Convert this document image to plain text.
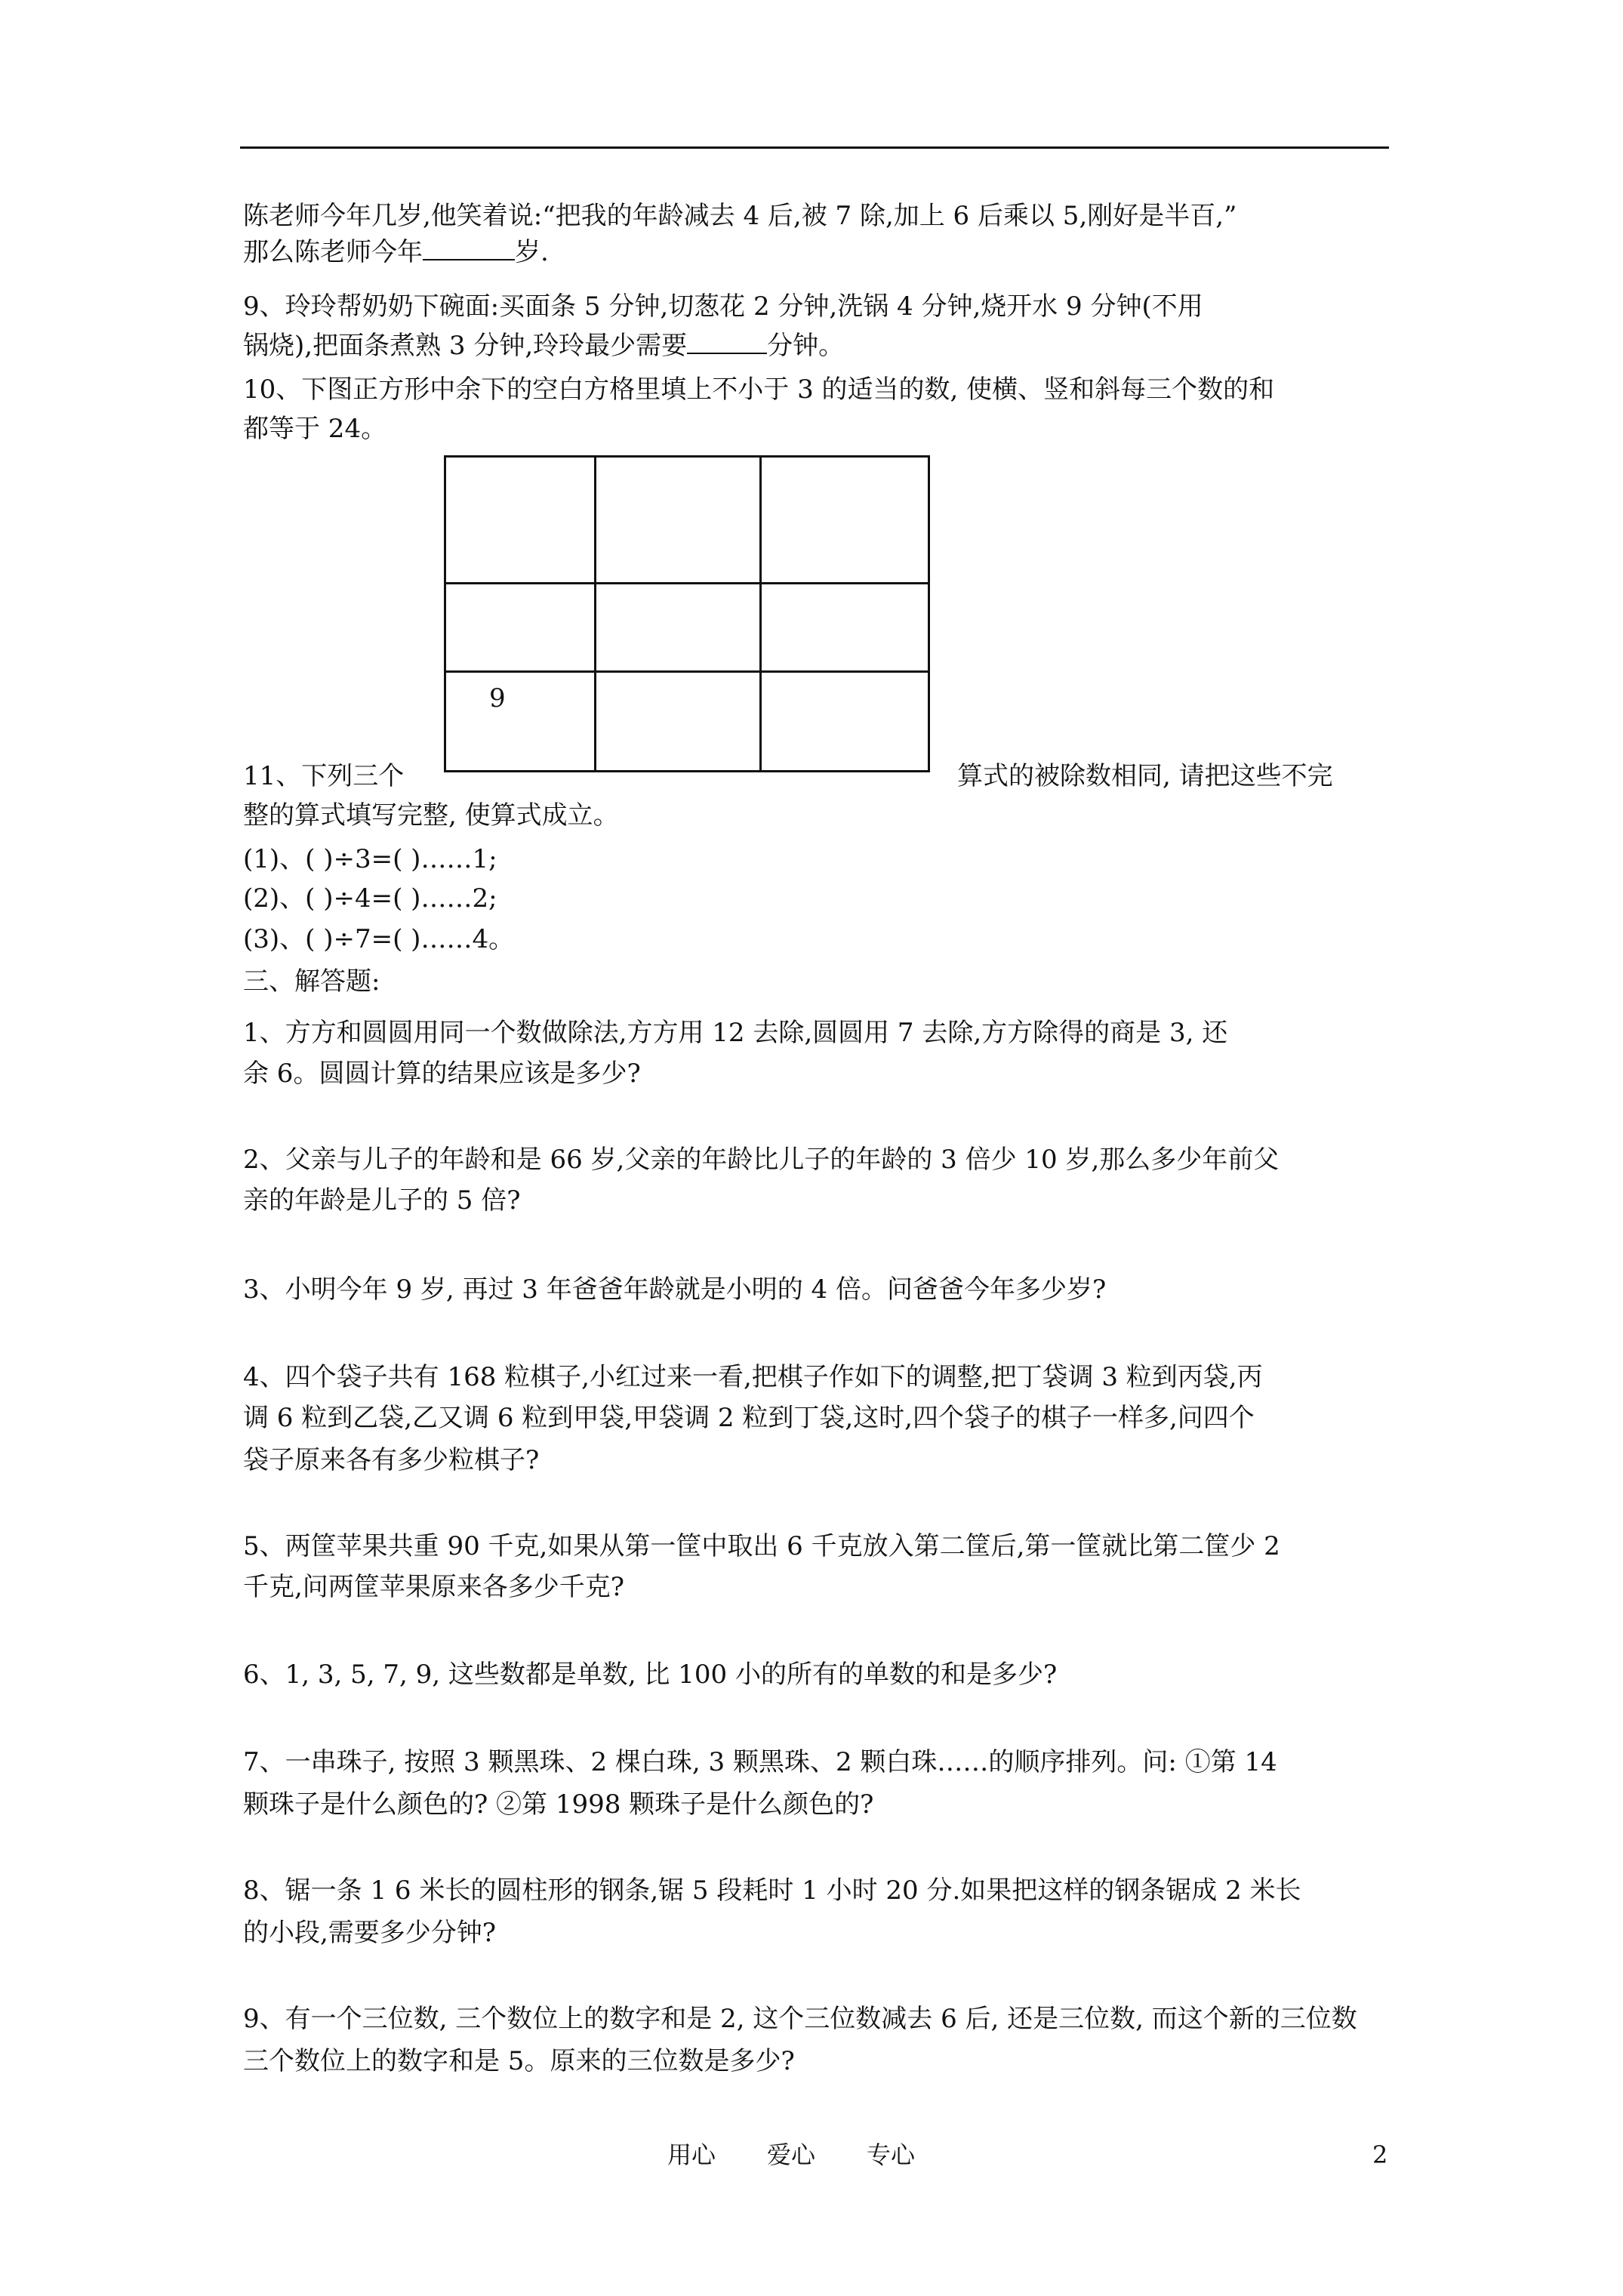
陈老师今年几岁,他笑着说:“把我的年龄减去 4 后,被 7 除,加上 6 后乘以 5,刚好是半百,”
那么陈老师今年	岁.
9、玲玲帮奶奶下碗面:买面条 5 分钟,切葱花 2 分钟,洗锅 4 分钟,烧开水 9 分钟(不用
锅烧),把面条煮熟 3 分钟,玲玲最少需要	分钟。
10、下图正方形中余下的空白方格里填上不小于 3 的适当的数, 使横、竖和斜每三个数的和
都等于 24。
9
11、下列三个	算式的被除数相同, 请把这些不完
整的算式填写完整, 使算式成立。
(1)、( )÷3=( )……1;
(2)、( )÷4=( )……2;
(3)、( )÷7=( )……4。
三、解答题:
1、方方和圆圆用同一个数做除法,方方用 12 去除,圆圆用 7 去除,方方除得的商是 3, 还
余 6。圆圆计算的结果应该是多少?
2、父亲与儿子的年龄和是 66 岁,父亲的年龄比儿子的年龄的 3 倍少 10 岁,那么多少年前父
亲的年龄是儿子的 5 倍?
3、小明今年 9 岁, 再过 3 年爸爸年龄就是小明的 4 倍。问爸爸今年多少岁?
4、四个袋子共有 168 粒棋子,小红过来一看,把棋子作如下的调整,把丁袋调 3 粒到丙袋,丙
调 6 粒到乙袋,乙又调 6 粒到甲袋,甲袋调 2 粒到丁袋,这时,四个袋子的棋子一样多,问四个
袋子原来各有多少粒棋子?
5、两筐苹果共重 90 千克,如果从第一筐中取出 6 千克放入第二筐后,第一筐就比第二筐少 2
千克,问两筐苹果原来各多少千克?
6、1, 3, 5, 7, 9, 这些数都是单数, 比 100 小的所有的单数的和是多少?
7、一串珠子, 按照 3 颗黑珠、2 棵白珠, 3 颗黑珠、2 颗白珠……的顺序排列。问: ①第 14
颗珠子是什么颜色的? ②第 1998 颗珠子是什么颜色的?
8、锯一条 1 6 米长的圆柱形的钢条,锯 5 段耗时 1 小时 20 分.如果把这样的钢条锯成 2 米长
的小段,需要多少分钟?
9、有一个三位数, 三个数位上的数字和是 2, 这个三位数减去 6 后, 还是三位数, 而这个新的三位数
三个数位上的数字和是 5。原来的三位数是多少?
用心 爱心 专心	2
